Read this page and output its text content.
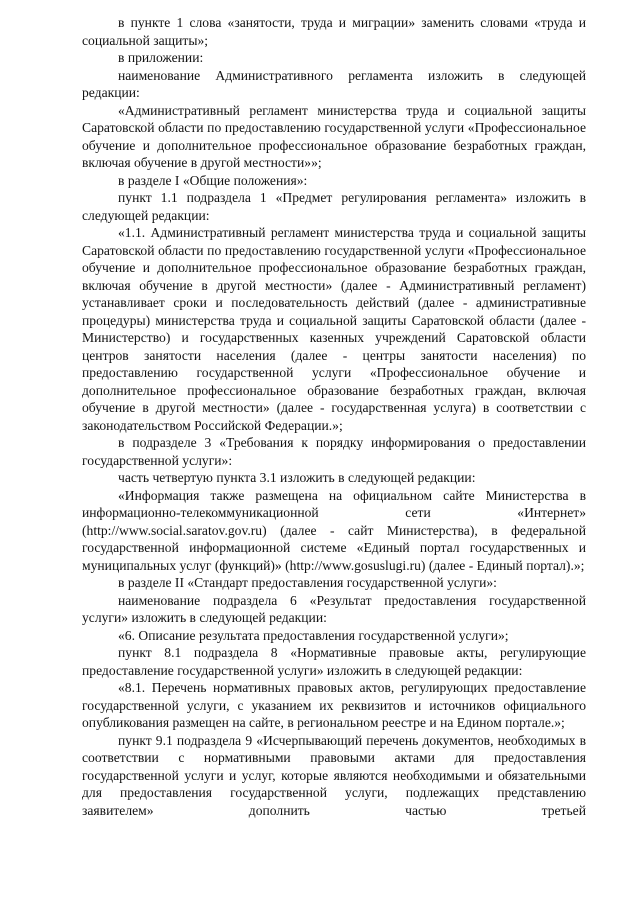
в пункте 1 слова «занятости, труда и миграции» заменить словами «труда и социальной защиты»;

в приложении:

наименование Административного регламента изложить в следующей редакции:

«Административный регламент министерства труда и социальной защиты Саратовской области по предоставлению государственной услуги «Профессиональное обучение и дополнительное профессиональное образование безработных граждан, включая обучение в другой местности»»;

в разделе I «Общие положения»:

пункт 1.1 подраздела 1 «Предмет регулирования регламента» изложить в следующей редакции:

«1.1. Административный регламент министерства труда и социальной защиты Саратовской области по предоставлению государственной услуги «Профессиональное обучение и дополнительное профессиональное образование безработных граждан, включая обучение в другой местности» (далее - Административный регламент) устанавливает сроки и последовательность действий (далее - административные процедуры) министерства труда и социальной защиты Саратовской области (далее - Министерство) и государственных казенных учреждений Саратовской области центров занятости населения (далее - центры занятости населения) по предоставлению государственной услуги «Профессиональное обучение и дополнительное профессиональное образование безработных граждан, включая обучение в другой местности» (далее - государственная услуга) в соответствии с законодательством Российской Федерации.»;

в подразделе 3 «Требования к порядку информирования о предоставлении государственной услуги»:

часть четвертую пункта 3.1 изложить в следующей редакции:

«Информация также размещена на официальном сайте Министерства в информационно-телекоммуникационной сети «Интернет» (http://www.social.saratov.gov.ru) (далее - сайт Министерства), в федеральной государственной информационной системе «Единый портал государственных и муниципальных услуг (функций)» (http://www.gosuslugi.ru) (далее - Единый портал).»;

в разделе II «Стандарт предоставления государственной услуги»:

наименование подраздела 6 «Результат предоставления государственной услуги» изложить в следующей редакции:

«6. Описание результата предоставления государственной услуги»;

пункт 8.1 подраздела 8 «Нормативные правовые акты, регулирующие предоставление государственной услуги» изложить в следующей редакции:

«8.1. Перечень нормативных правовых актов, регулирующих предоставление государственной услуги, с указанием их реквизитов и источников официального опубликования размещен на сайте, в региональном реестре и на Едином портале.»;

пункт 9.1 подраздела 9 «Исчерпывающий перечень документов, необходимых в соответствии с нормативными правовыми актами для предоставления государственной услуги и услуг, которые являются необходимыми и обязательными для предоставления государственной услуги, подлежащих представлению заявителем» дополнить частью третьей
